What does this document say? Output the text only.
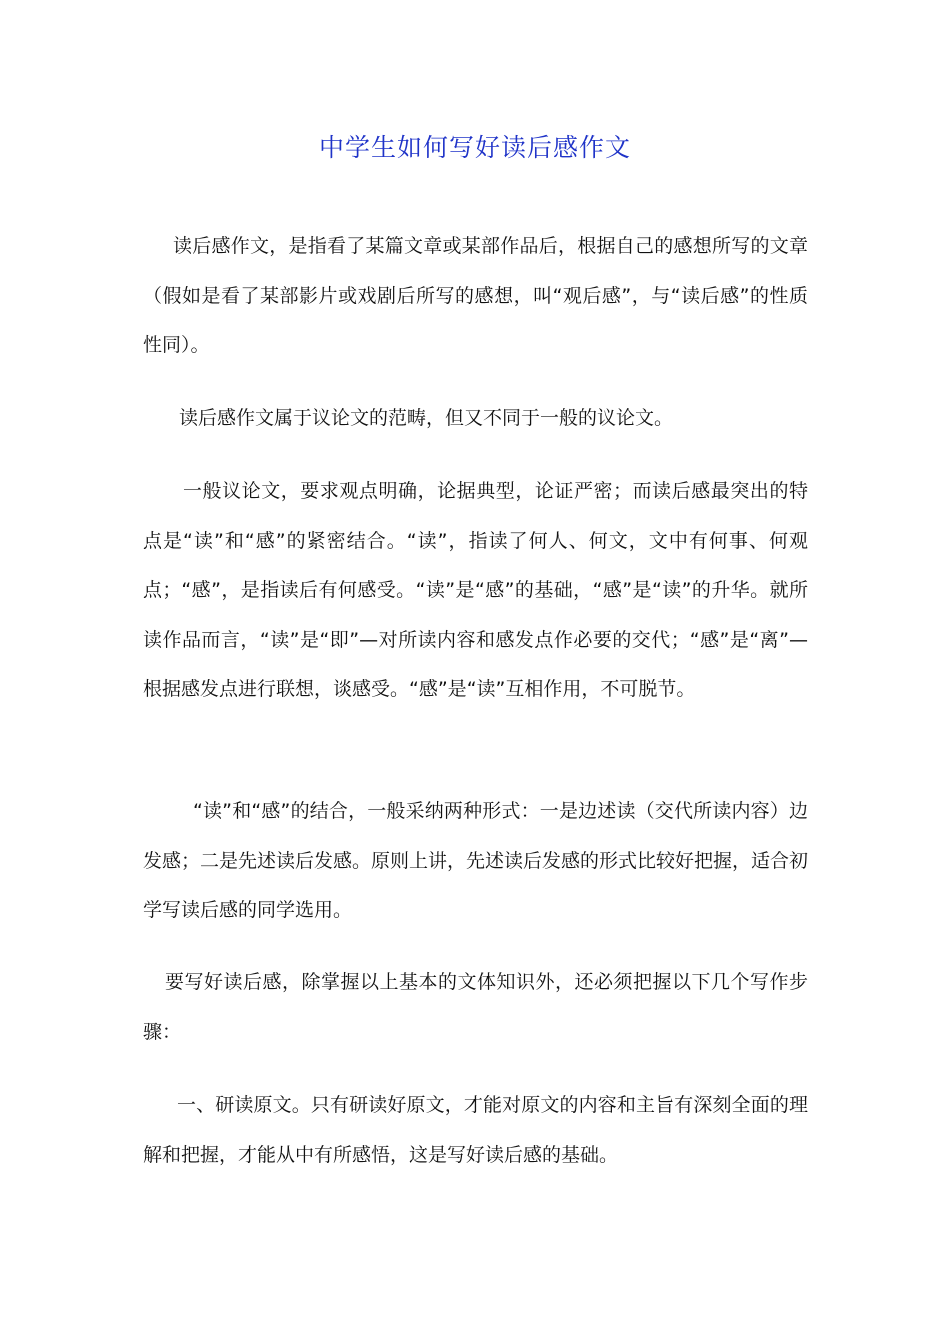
中学生如何写好读后感作文

读后感作文，是指看了某篇文章或某部作品后，根据自己的感想所写的文章（假如是看了某部影片或戏剧后所写的感想，叫“观后感”，与“读后感”的性质性同）。

读后感作文属于议论文的范畴，但又不同于一般的议论文。

一般议论文，要求观点明确，论据典型，论证严密；而读后感最突出的特点是“读”和“感”的紧密结合。“读”，指读了何人、何文，文中有何事、何观点；“感”，是指读后有何感受。“读”是“感”的基础，“感”是“读”的升华。就所读作品而言，“读”是“即”—对所读内容和感发点作必要的交代；“感”是“离”—根据感发点进行联想，谈感受。“感”是“读”互相作用，不可脱节。

“读”和“感”的结合，一般采纳两种形式：一是边述读（交代所读内容）边发感；二是先述读后发感。原则上讲，先述读后发感的形式比较好把握，适合初学写读后感的同学选用。

要写好读后感，除掌握以上基本的文体知识外，还必须把握以下几个写作步骤：

一、研读原文。只有研读好原文，才能对原文的内容和主旨有深刻全面的理解和把握，才能从中有所感悟，这是写好读后感的基础。
